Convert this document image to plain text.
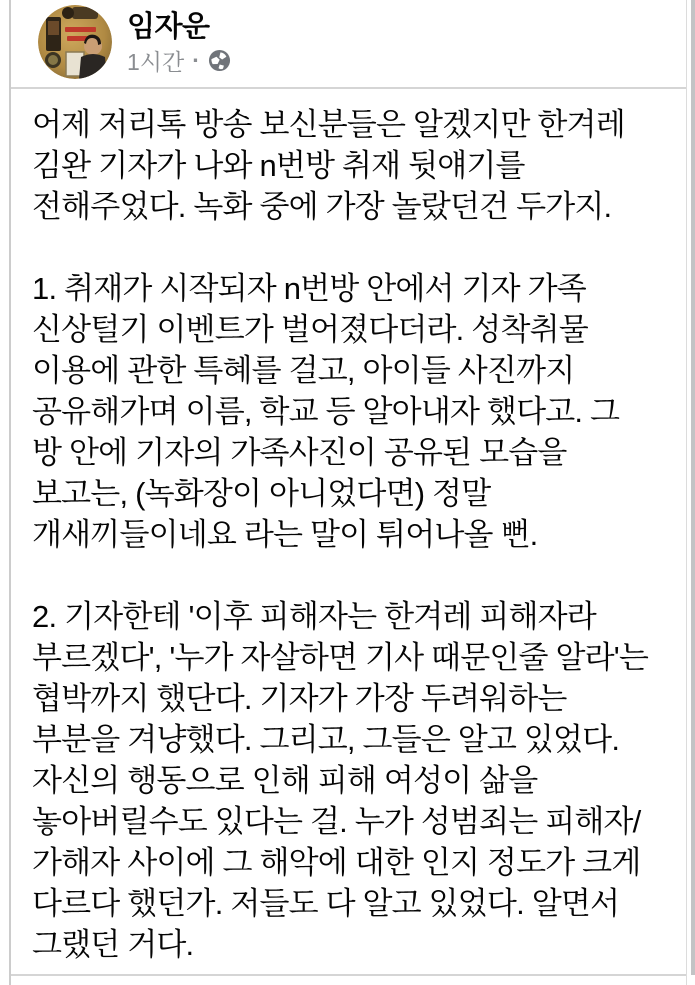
임자운
1시간 ·
어제 저리톡 방송 보신분들은 알겠지만 한겨레
김완 기자가 나와 n번방 취재 뒷얘기를
전해주었다. 녹화 중에 가장 놀랐던건 두가지.
1. 취재가 시작되자 n번방 안에서 기자 가족
신상털기 이벤트가 벌어졌다더라. 성착취물
이용에 관한 특혜를 걸고, 아이들 사진까지
공유해가며 이름, 학교 등 알아내자 했다고. 그
방 안에 기자의 가족사진이 공유된 모습을
보고는, (녹화장이 아니었다면) 정말
개새끼들이네요 라는 말이 튀어나올 뻔.
2. 기자한테 '이후 피해자는 한겨레 피해자라
부르겠다', '누가 자살하면 기사 때문인줄 알라'는
협박까지 했단다. 기자가 가장 두려워하는
부분을 겨냥했다. 그리고, 그들은 알고 있었다.
자신의 행동으로 인해 피해 여성이 삶을
놓아버릴수도 있다는 걸. 누가 성범죄는 피해자/
가해자 사이에 그 해악에 대한 인지 정도가 크게
다르다 했던가. 저들도 다 알고 있었다. 알면서
그랬던 거다.
